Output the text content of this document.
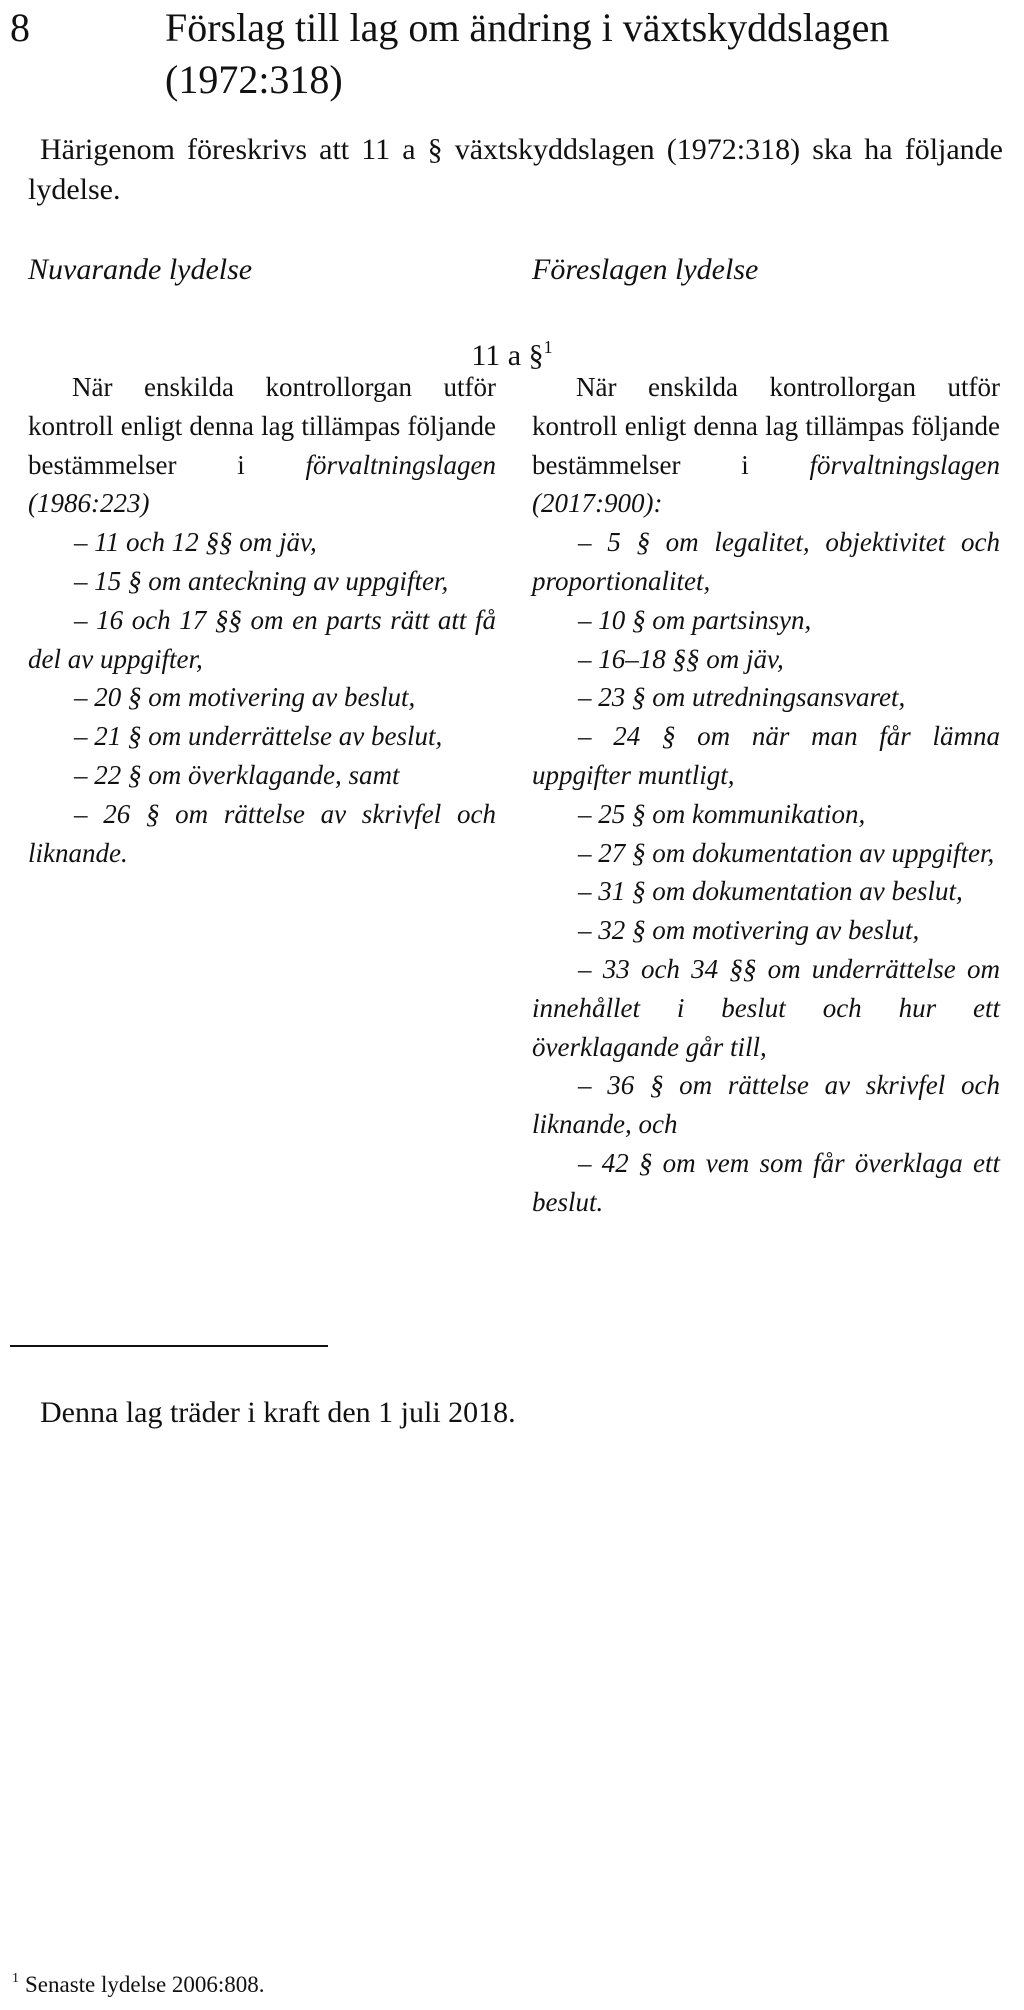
8	Förslag till lag om ändring i växtskyddslagen
(1972:318)
Härigenom föreskrivs att 11 a § växtskyddslagen (1972:318) ska ha följande lydelse.
Nuvarande lydelse	Föreslagen lydelse
11 a §$^1$

När enskilda kontrollorgan utför kontroll enligt denna lag tillämpas följande bestämmelser i förvaltningslagen (1986:223)

– 11 och 12 §§ om jäv,

– 15 § om anteckning av uppgifter,

– 16 och 17 §§ om en parts rätt att få del av uppgifter,

– 20 § om motivering av beslut,

– 21 § om underrättelse av beslut,

– 22 § om överklagande, samt

– 26 § om rättelse av skrivfel och liknande.

När enskilda kontrollorgan utför kontroll enligt denna lag tillämpas följande bestämmelser i förvaltningslagen (2017:900):

– 5 § om legalitet, objektivitet och proportionalitet,

– 10 § om partsinsyn,

– 16–18 §§ om jäv,

– 23 § om utredningsansvaret,

– 24 § om när man får lämna uppgifter muntligt,

– 25 § om kommunikation,

– 27 § om dokumentation av uppgifter,

– 31 § om dokumentation av beslut,

– 32 § om motivering av beslut,

– 33 och 34 §§ om underrättelse om innehållet i beslut och hur ett överklagande går till,

– 36 § om rättelse av skrivfel och liknande, och

– 42 § om vem som får överklaga ett beslut.

Denna lag träder i kraft den 1 juli 2018.
$^1$ Senaste lydelse 2006:808.
